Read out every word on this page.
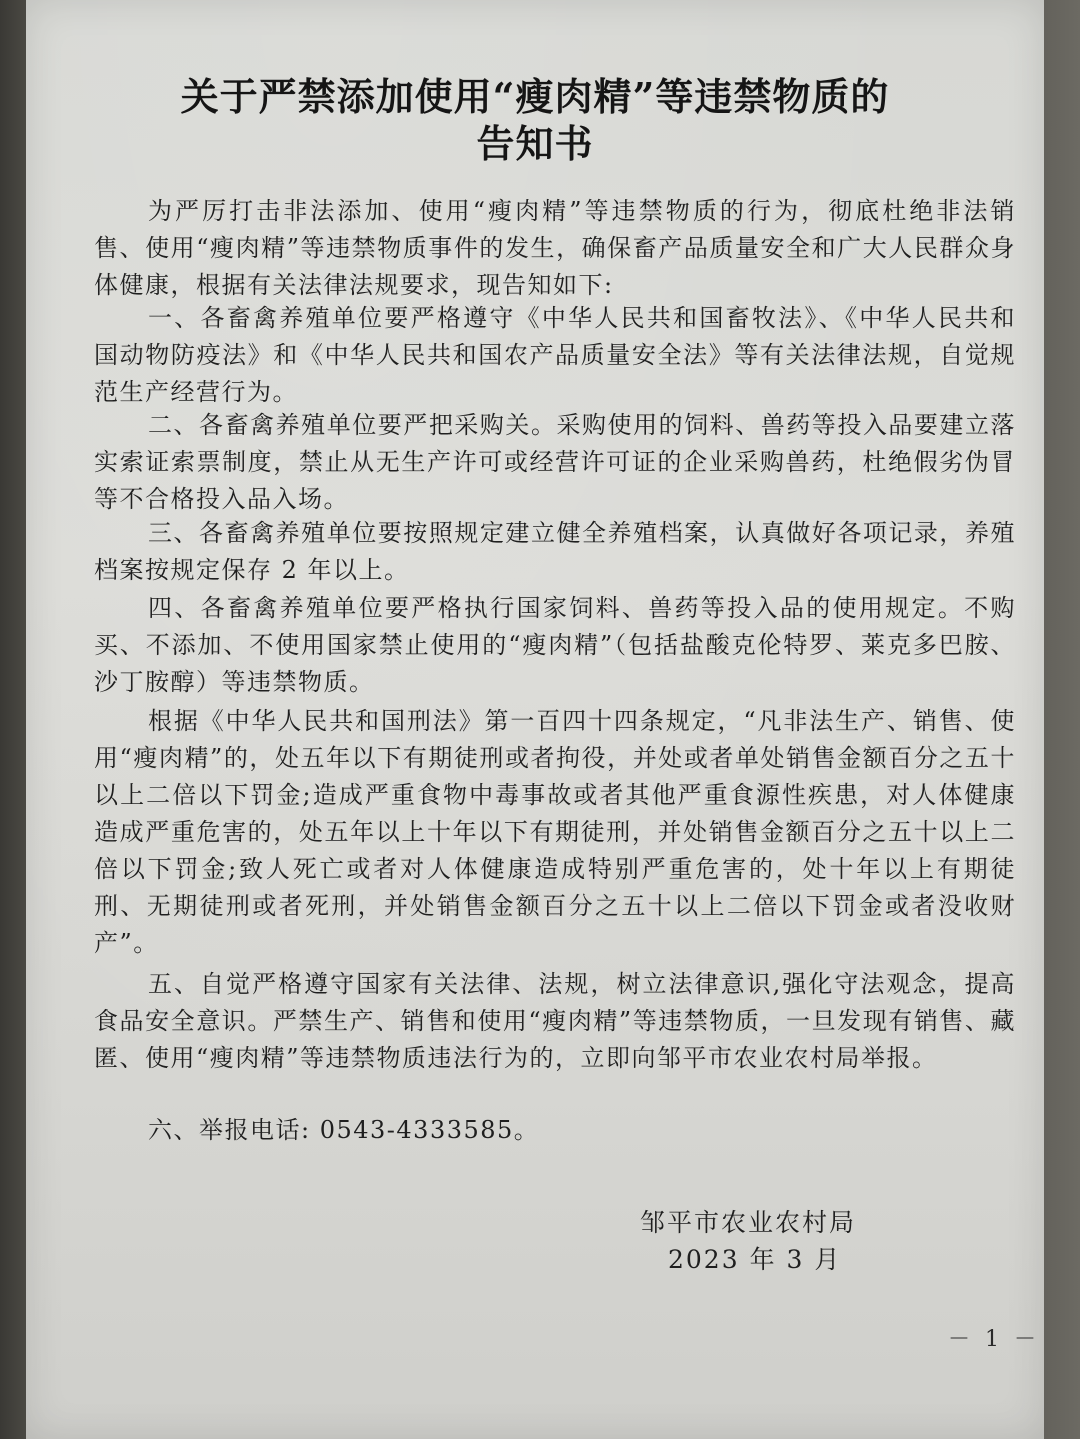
关于严禁添加使用“瘦肉精”等违禁物质的
告知书

为严厉打击非法添加、使用“瘦肉精”等违禁物质的行为，彻底杜绝非法销售、使用“瘦肉精”等违禁物质事件的发生，确保畜产品质量安全和广大人民群众身体健康，根据有关法律法规要求，现告知如下:

一、各畜禽养殖单位要严格遵守《中华人民共和国畜牧法》、《中华人民共和国动物防疫法》和《中华人民共和国农产品质量安全法》等有关法律法规，自觉规范生产经营行为。

二、各畜禽养殖单位要严把采购关。采购使用的饲料、兽药等投入品要建立落实索证索票制度，禁止从无生产许可或经营许可证的企业采购兽药，杜绝假劣伪冒等不合格投入品入场。

三、各畜禽养殖单位要按照规定建立健全养殖档案，认真做好各项记录，养殖档案按规定保存 2 年以上。

四、各畜禽养殖单位要严格执行国家饲料、兽药等投入品的使用规定。不购买、不添加、不使用国家禁止使用的“瘦肉精”（包括盐酸克伦特罗、莱克多巴胺、沙丁胺醇）等违禁物质。

根据《中华人民共和国刑法》第一百四十四条规定，“凡非法生产、销售、使用“瘦肉精”的，处五年以下有期徒刑或者拘役，并处或者单处销售金额百分之五十以上二倍以下罚金;造成严重食物中毒事故或者其他严重食源性疾患，对人体健康造成严重危害的，处五年以上十年以下有期徒刑，并处销售金额百分之五十以上二倍以下罚金;致人死亡或者对人体健康造成特别严重危害的，处十年以上有期徒刑、无期徒刑或者死刑，并处销售金额百分之五十以上二倍以下罚金或者没收财产”。

五、自觉严格遵守国家有关法律、法规，树立法律意识,强化守法观念，提高食品安全意识。严禁生产、销售和使用“瘦肉精”等违禁物质，一旦发现有销售、藏匿、使用“瘦肉精”等违禁物质违法行为的，立即向邹平市农业农村局举报。

六、举报电话: 0543-4333585。

邹平市农业农村局
2023 年 3 月
－ 1 －
